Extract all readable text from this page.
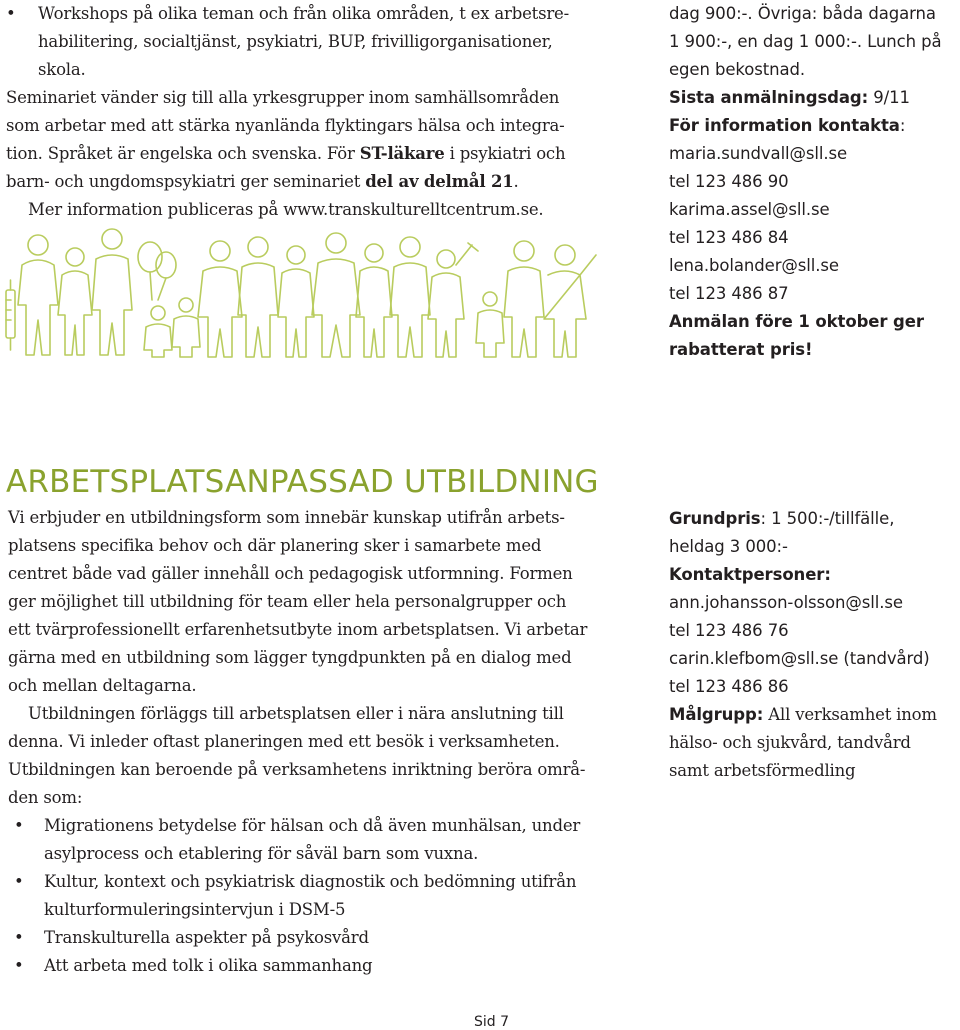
• Workshops på olika teman och från olika områden, t ex arbetsre-
habilitering, socialtjänst, psykiatri, BUP, frivilligorganisationer,
skola.
Seminariet vänder sig till alla yrkesgrupper inom samhällsområden
som arbetar med att stärka nyanlända flyktingars hälsa och integra-
tion. Språket är engelska och svenska. För ST-läkare i psykiatri och
barn- och ungdomspsykiatri ger seminariet del av delmål 21.
Mer information publiceras på www.transkulturelltcentrum.se.
dag 900:-. Övriga: båda dagarna
1 900:-, en dag 1 000:-. Lunch på
egen bekostnad.
Sista anmälningsdag: 9/11
För information kontakta:
maria.sundvall@sll.se
tel 123 486 90
karima.assel@sll.se
tel 123 486 84
lena.bolander@sll.se
tel 123 486 87
Anmälan före 1 oktober ger
rabatterat pris!
ARBETSPLATSANPASSAD UTBILDNING
Vi erbjuder en utbildningsform som innebär kunskap utifrån arbets-
platsens specifika behov och där planering sker i samarbete med
centret både vad gäller innehåll och pedagogisk utformning. Formen
ger möjlighet till utbildning för team eller hela personalgrupper och
ett tvärprofessionellt erfarenhetsutbyte inom arbetsplatsen. Vi arbetar
gärna med en utbildning som lägger tyngdpunkten på en dialog med
och mellan deltagarna.
Utbildningen förläggs till arbetsplatsen eller i nära anslutning till
denna. Vi inleder oftast planeringen med ett besök i verksamheten.
Utbildningen kan beroende på verksamhetens inriktning beröra områ-
den som:
• Migrationens betydelse för hälsan och då även munhälsan, under
asylprocess och etablering för såväl barn som vuxna.
• Kultur, kontext och psykiatrisk diagnostik och bedömning utifrån
kulturformuleringsintervjun i DSM-5
• Transkulturella aspekter på psykosvård
• Att arbeta med tolk i olika sammanhang
Grundpris: 1 500:-/tillfälle,
heldag 3 000:-
Kontaktpersoner:
ann.johansson-olsson@sll.se
tel 123 486 76
carin.klefbom@sll.se (tandvård)
tel 123 486 86
Målgrupp: All verksamhet inom
hälso- och sjukvård, tandvård
samt arbetsförmedling
Sid 7
